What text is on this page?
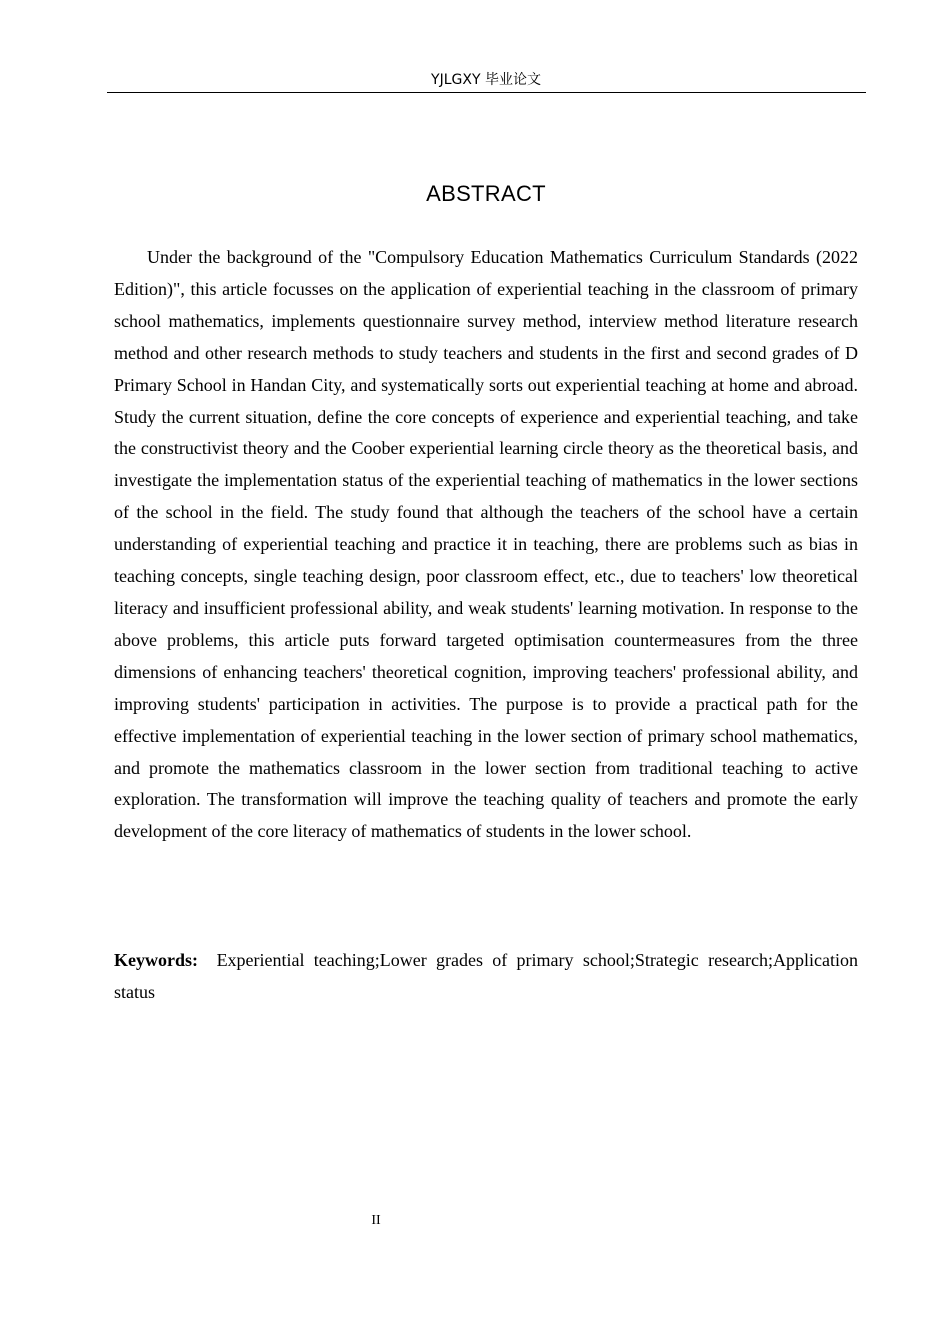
YJLGXY 毕业论文
ABSTRACT

Under the background of the "Compulsory Education Mathematics Curriculum Standards (2022 Edition)", this article focusses on the application of experiential teaching in the classroom of primary school mathematics, implements questionnaire survey method, interview method literature research method and other research methods to study teachers and students in the first and second grades of D Primary School in Handan City, and systematically sorts out experiential teaching at home and abroad. Study the current situation, define the core concepts of experience and experiential teaching, and take the constructivist theory and the Coober experiential learning circle theory as the theoretical basis, and investigate the implementation status of the experiential teaching of mathematics in the lower sections of the school in the field. The study found that although the teachers of the school have a certain understanding of experiential teaching and practice it in teaching, there are problems such as bias in teaching concepts, single teaching design, poor classroom effect, etc., due to teachers' low theoretical literacy and insufficient professional ability, and weak students' learning motivation. In response to the above problems, this article puts forward targeted optimisation countermeasures from the three dimensions of enhancing teachers' theoretical cognition, improving teachers' professional ability, and improving students' participation in activities. The purpose is to provide a practical path for the effective implementation of experiential teaching in the lower section of primary school mathematics, and promote the mathematics classroom in the lower section from traditional teaching to active exploration. The transformation will improve the teaching quality of teachers and promote the early development of the core literacy of mathematics of students in the lower school.

Keywords: Experiential teaching;Lower grades of primary school;Strategic research;Application status

II
